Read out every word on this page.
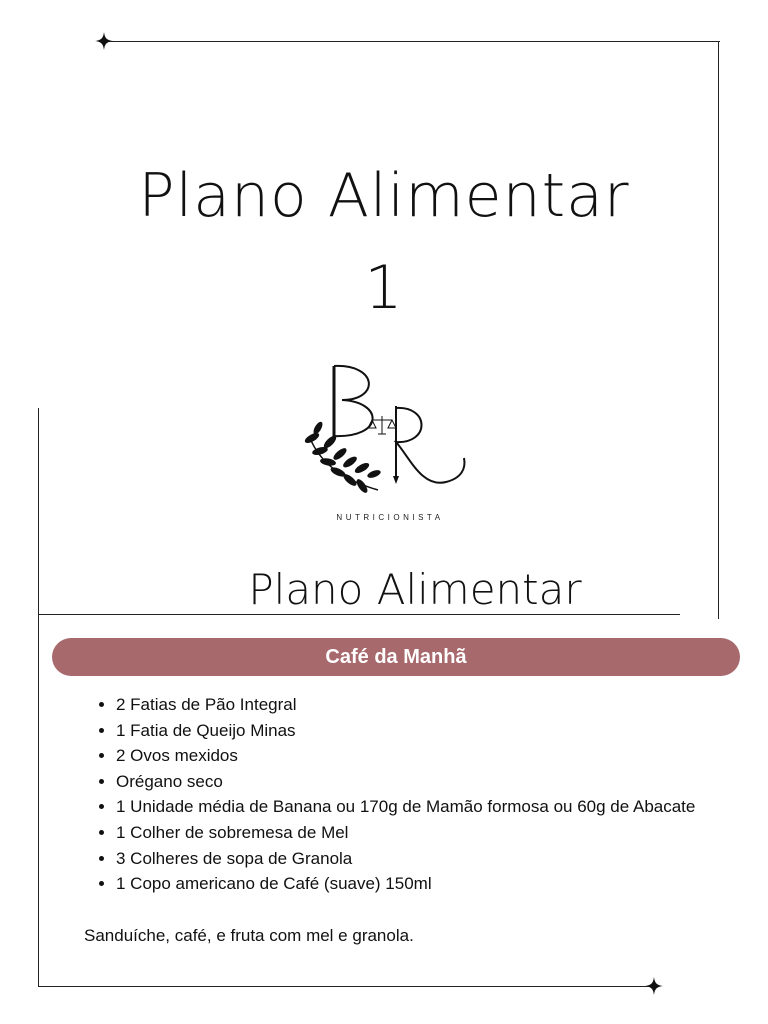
Plano Alimentar
1
NUTRICIONISTA
Plano Alimentar
Café da Manhã
• 2 Fatias de Pão Integral
• 1 Fatia de Queijo Minas
• 2 Ovos mexidos
• Orégano seco
• 1 Unidade média de Banana ou 170g de Mamão formosa ou 60g de Abacate
• 1 Colher de sobremesa de Mel
• 3 Colheres de sopa de Granola
• 1 Copo americano de Café (suave) 150ml
Sanduíche, café, e fruta com mel e granola.
